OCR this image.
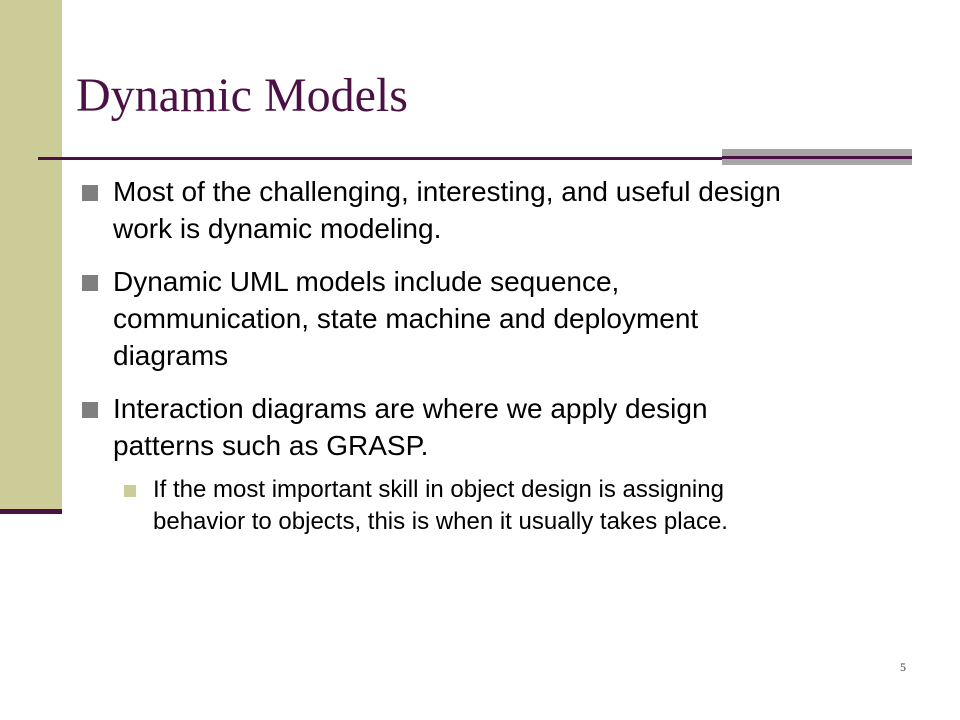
Dynamic Models
Most of the challenging, interesting, and useful design work is dynamic modeling.
Dynamic UML models include sequence, communication, state machine and deployment diagrams
Interaction diagrams are where we apply design patterns such as GRASP.
If the most important skill in object design is assigning behavior to objects, this is when it usually takes place.
5
